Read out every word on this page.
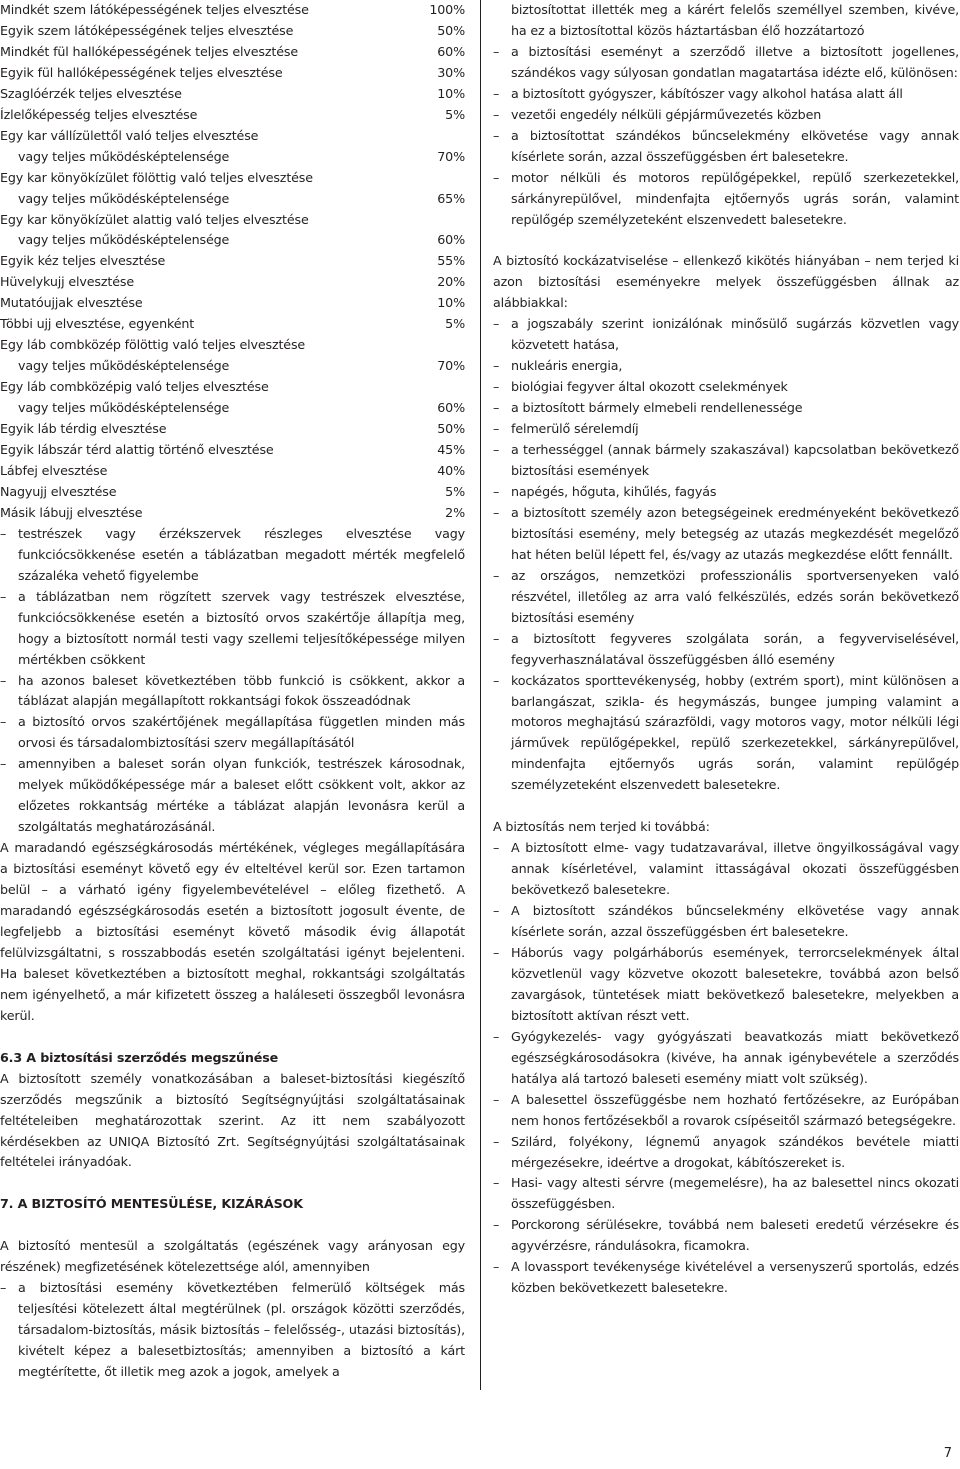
Mindkét szem látóképességének teljes elvesztése	100%
Egyik szem látóképességének teljes elvesztése	50%
Mindkét fül hallóképességének teljes elvesztése	60%
Egyik fül hallóképességének teljes elvesztése	30%
Szaglóérzék teljes elvesztése	10%
Ízlelőképesség teljes elvesztése	5%
Egy kar vállízülettől való teljes elvesztése
vagy teljes működésképtelensége	70%
Egy kar könyökízület fölöttig való teljes elvesztése
vagy teljes működésképtelensége	65%
Egy kar könyökízület alattig való teljes elvesztése
vagy teljes működésképtelensége	60%
Egyik kéz teljes elvesztése	55%
Hüvelykujj elvesztése	20%
Mutatóujjak elvesztése	10%
Többi ujj elvesztése, egyenként	5%
Egy láb combközép fölöttig való teljes elvesztése
vagy teljes működésképtelensége	70%
Egy láb combközépig való teljes elvesztése
vagy teljes működésképtelensége	60%
Egyik láb térdig elvesztése	50%
Egyik lábszár térd alattig történő elvesztése	45%
Lábfej elvesztése	40%
Nagyujj elvesztése	5%
Másik lábujj elvesztése	2%
– testrészek vagy érzékszervek részleges elvesztése vagy funkciócsökkenése esetén a táblázatban megadott mérték megfelelő százaléka vehető figyelembe
– a táblázatban nem rögzített szervek vagy testrészek elvesztése, funkciócsökkenése esetén a biztosító orvos szakértője állapítja meg, hogy a biztosított normál testi vagy szellemi teljesítőképessége milyen mértékben csökkent
– ha azonos baleset következtében több funkció is csökkent, akkor a táblázat alapján megállapított rokkantsági fokok összeadódnak
– a biztosító orvos szakértőjének megállapítása független minden más orvosi és társadalombiztosítási szerv megállapításától
– amennyiben a baleset során olyan funkciók, testrészek károsodnak, melyek működőképessége már a baleset előtt csökkent volt, akkor az előzetes rokkantság mértéke a táblázat alapján levonásra kerül a szolgáltatás meghatározásánál.

A maradandó egészségkárosodás mértékének, végleges megállapítására a biztosítási eseményt követő egy év elteltével kerül sor. Ezen tartamon belül – a várható igény figyelembevételével – előleg fizethető. A maradandó egészségkárosodás esetén a biztosított jogosult évente, de legfeljebb a biztosítási eseményt követő második évig állapotát felülvizsgáltatni, s rosszabbodás esetén szolgáltatási igényt bejelenteni. Ha baleset következtében a biztosított meghal, rokkantsági szolgáltatás nem igényelhető, a már kifizetett összeg a haláleseti összegből levonásra kerül.

6.3 A biztosítási szerződés megszűnése

A biztosított személy vonatkozásában a baleset-biztosítási kiegészítő szerződés megszűnik a biztosító Segítségnyújtási szolgáltatásainak feltételeiben meghatározottak szerint. Az itt nem szabályozott kérdésekben az UNIQA Biztosító Zrt. Segítségnyújtási szolgáltatásainak feltételei irányadóak.

7. A BIZTOSÍTÓ MENTESÜLÉSE, KIZÁRÁSOK

A biztosító mentesül a szolgáltatás (egészének vagy arányosan egy részének) megfizetésének kötelezettsége alól, amennyiben

– a biztosítási esemény következtében felmerülő költségek más teljesítési kötelezett által megtérülnek (pl. országok közötti szerződés, társadalom-biztosítás, másik biztosítás – felelősség-, utazási biztosítás), kivételt képez a balesetbiztosítás; amennyiben a biztosító a kárt megtérítette, őt illetik meg azok a jogok, amelyek a
biztosítottat illették meg a kárért felelős személlyel szemben, kivéve, ha ez a biztosítottal közös háztartásban élő hozzátartozó
– a biztosítási eseményt a szerződő illetve a biztosított jogellenes, szándékos vagy súlyosan gondatlan magatartása idézte elő, különösen:
– a biztosított gyógyszer, kábítószer vagy alkohol hatása alatt áll
– vezetői engedély nélküli gépjárművezetés közben
– a biztosítottat szándékos bűncselekmény elkövetése vagy annak kísérlete során, azzal összefüggésben ért balesetekre.
– motor nélküli és motoros repülőgépekkel, repülő szerkezetekkel, sárkányrepülővel, mindenfajta ejtőernyős ugrás során, valamint repülőgép személyzeteként elszenvedett balesetekre.

A biztosító kockázatviselése – ellenkező kikötés hiányában – nem terjed ki azon biztosítási eseményekre melyek összefüggésben állnak az alábbiakkal:

– a jogszabály szerint ionizálónak minősülő sugárzás közvetlen vagy közvetett hatása,
– nukleáris energia,
– biológiai fegyver által okozott cselekmények
– a biztosított bármely elmebeli rendellenessége
– felmerülő sérelemdíj
– a terhességgel (annak bármely szakaszával) kapcsolatban bekövetkező biztosítási események
– napégés, hőguta, kihűlés, fagyás
– a biztosított személy azon betegségeinek eredményeként bekövetkező biztosítási esemény, mely betegség az utazás megkezdését megelőző hat héten belül lépett fel, és/vagy az utazás megkezdése előtt fennállt.
– az országos, nemzetközi professzionális sportversenyeken való részvétel, illetőleg az arra való felkészülés, edzés során bekövetkező biztosítási esemény
– a biztosított fegyveres szolgálata során, a fegyverviselésével, fegyverhasználatával összefüggésben álló esemény
– kockázatos sporttevékenység, hobby (extrém sport), mint különösen a barlangászat, szikla- és hegymászás, bungee jumping valamint a motoros meghajtású szárazföldi, vagy motoros vagy, motor nélküli légi járművek repülőgépekkel, repülő szerkezetekkel, sárkányrepülővel, mindenfajta ejtőernyős ugrás során, valamint repülőgép személyzeteként elszenvedett balesetekre.

A biztosítás nem terjed ki továbbá:

– A biztosított elme- vagy tudatzavarával, illetve öngyilkosságával vagy annak kísérletével, valamint ittasságával okozati összefüggésben bekövetkező balesetekre.
– A biztosított szándékos bűncselekmény elkövetése vagy annak kísérlete során, azzal összefüggésben ért balesetekre.
– Háborús vagy polgárháborús események, terrorcselekmények által közvetlenül vagy közvetve okozott balesetekre, továbbá azon belső zavargások, tüntetések miatt bekövetkező balesetekre, melyekben a biztosított aktívan részt vett.
– Gyógykezelés- vagy gyógyászati beavatkozás miatt bekövetkező egészségkárosodásokra (kivéve, ha annak igénybevétele a szerződés hatálya alá tartozó baleseti esemény miatt volt szükség).
– A balesettel összefüggésbe nem hozható fertőzésekre, az Európában nem honos fertőzésekből a rovarok csípéseitől származó betegségekre.
– Szilárd, folyékony, légnemű anyagok szándékos bevétele miatti mérgezésekre, ideértve a drogokat, kábítószereket is.
– Hasi- vagy altesti sérvre (megemelésre), ha az balesettel nincs okozati összefüggésben.
– Porckorong sérülésekre, továbbá nem baleseti eredetű vérzésekre és agyvérzésre, rándulásokra, ficamokra.
– A lovassport tevékenysége kivételével a versenyszerű sportolás, edzés közben bekövetkezett balesetekre.
7
